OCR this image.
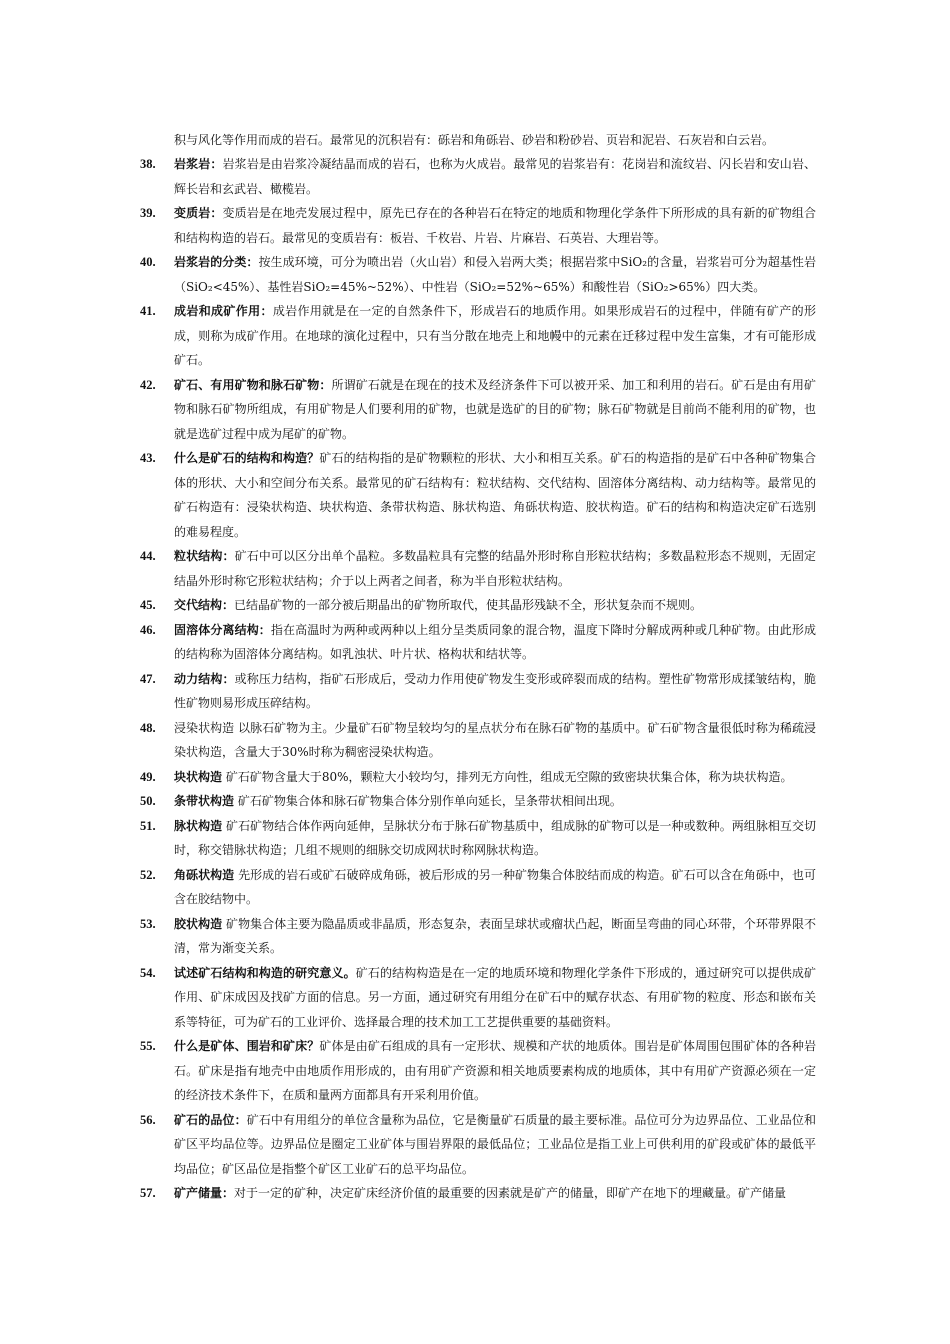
积与风化等作用而成的岩石。最常见的沉积岩有：砾岩和角砾岩、砂岩和粉砂岩、页岩和泥岩、石灰岩和白云岩。
38.	岩浆岩：岩浆岩是由岩浆冷凝结晶而成的岩石，也称为火成岩。最常见的岩浆岩有：花岗岩和流纹岩、闪长岩和安山岩、辉长岩和玄武岩、橄榄岩。
39.	变质岩：变质岩是在地壳发展过程中，原先已存在的各种岩石在特定的地质和物理化学条件下所形成的具有新的矿物组合和结构构造的岩石。最常见的变质岩有：板岩、千枚岩、片岩、片麻岩、石英岩、大理岩等。
40.	岩浆岩的分类：按生成环境，可分为喷出岩（火山岩）和侵入岩两大类；根据岩浆中SiO₂的含量，岩浆岩可分为超基性岩（SiO₂<45%）、基性岩SiO₂=45%~52%）、中性岩（SiO₂=52%~65%）和酸性岩（SiO₂>65%）四大类。
41.	成岩和成矿作用：成岩作用就是在一定的自然条件下，形成岩石的地质作用。如果形成岩石的过程中，伴随有矿产的形成，则称为成矿作用。在地球的演化过程中，只有当分散在地壳上和地幔中的元素在迁移过程中发生富集，才有可能形成矿石。
42.	矿石、有用矿物和脉石矿物：所谓矿石就是在现在的技术及经济条件下可以被开采、加工和利用的岩石。矿石是由有用矿物和脉石矿物所组成，有用矿物是人们要利用的矿物，也就是选矿的目的矿物；脉石矿物就是目前尚不能利用的矿物，也就是选矿过程中成为尾矿的矿物。
43.	什么是矿石的结构和构造？矿石的结构指的是矿物颗粒的形状、大小和相互关系。矿石的构造指的是矿石中各种矿物集合体的形状、大小和空间分布关系。最常见的矿石结构有：粒状结构、交代结构、固溶体分离结构、动力结构等。最常见的矿石构造有：浸染状构造、块状构造、条带状构造、脉状构造、角砾状构造、胶状构造。矿石的结构和构造决定矿石选别的难易程度。
44.	粒状结构：矿石中可以区分出单个晶粒。多数晶粒具有完整的结晶外形时称自形粒状结构；多数晶粒形态不规则，无固定结晶外形时称它形粒状结构；介于以上两者之间者，称为半自形粒状结构。
45.	交代结构：已结晶矿物的一部分被后期晶出的矿物所取代，使其晶形残缺不全，形状复杂而不规则。
46.	固溶体分离结构：指在高温时为两种或两种以上组分呈类质同象的混合物，温度下降时分解成两种或几种矿物。由此形成的结构称为固溶体分离结构。如乳浊状、叶片状、格构状和结状等。
47.	动力结构：或称压力结构，指矿石形成后，受动力作用使矿物发生变形或碎裂而成的结构。塑性矿物常形成揉皱结构，脆性矿物则易形成压碎结构。
48.	浸染状构造 以脉石矿物为主。少量矿石矿物呈较均匀的星点状分布在脉石矿物的基质中。矿石矿物含量很低时称为稀疏浸染状构造，含量大于30%时称为稠密浸染状构造。
49.	块状构造 矿石矿物含量大于80%，颗粒大小较均匀，排列无方向性，组成无空隙的致密块状集合体，称为块状构造。
50.	条带状构造 矿石矿物集合体和脉石矿物集合体分别作单向延长，呈条带状相间出现。
51.	脉状构造 矿石矿物结合体作两向延伸，呈脉状分布于脉石矿物基质中，组成脉的矿物可以是一种或数种。两组脉相互交切时，称交错脉状构造；几组不规则的细脉交切成网状时称网脉状构造。
52.	角砾状构造 先形成的岩石或矿石破碎成角砾，被后形成的另一种矿物集合体胶结而成的构造。矿石可以含在角砾中，也可含在胶结物中。
53.	胶状构造 矿物集合体主要为隐晶质或非晶质，形态复杂，表面呈球状或瘤状凸起，断面呈弯曲的同心环带，个环带界限不清，常为渐变关系。
54.	试述矿石结构和构造的研究意义。矿石的结构构造是在一定的地质环境和物理化学条件下形成的，通过研究可以提供成矿作用、矿床成因及找矿方面的信息。另一方面，通过研究有用组分在矿石中的赋存状态、有用矿物的粒度、形态和嵌布关系等特征，可为矿石的工业评价、选择最合理的技术加工工艺提供重要的基础资料。
55.	什么是矿体、围岩和矿床？矿体是由矿石组成的具有一定形状、规模和产状的地质体。围岩是矿体周围包围矿体的各种岩石。矿床是指有地壳中由地质作用形成的，由有用矿产资源和相关地质要素构成的地质体，其中有用矿产资源必须在一定的经济技术条件下，在质和量两方面都具有开采利用价值。
56.	矿石的品位：矿石中有用组分的单位含量称为品位，它是衡量矿石质量的最主要标准。品位可分为边界品位、工业品位和矿区平均品位等。边界品位是圈定工业矿体与围岩界限的最低品位；工业品位是指工业上可供利用的矿段或矿体的最低平均品位；矿区品位是指整个矿区工业矿石的总平均品位。
57.	矿产储量：对于一定的矿种，决定矿床经济价值的最重要的因素就是矿产的储量，即矿产在地下的埋藏量。矿产储量
